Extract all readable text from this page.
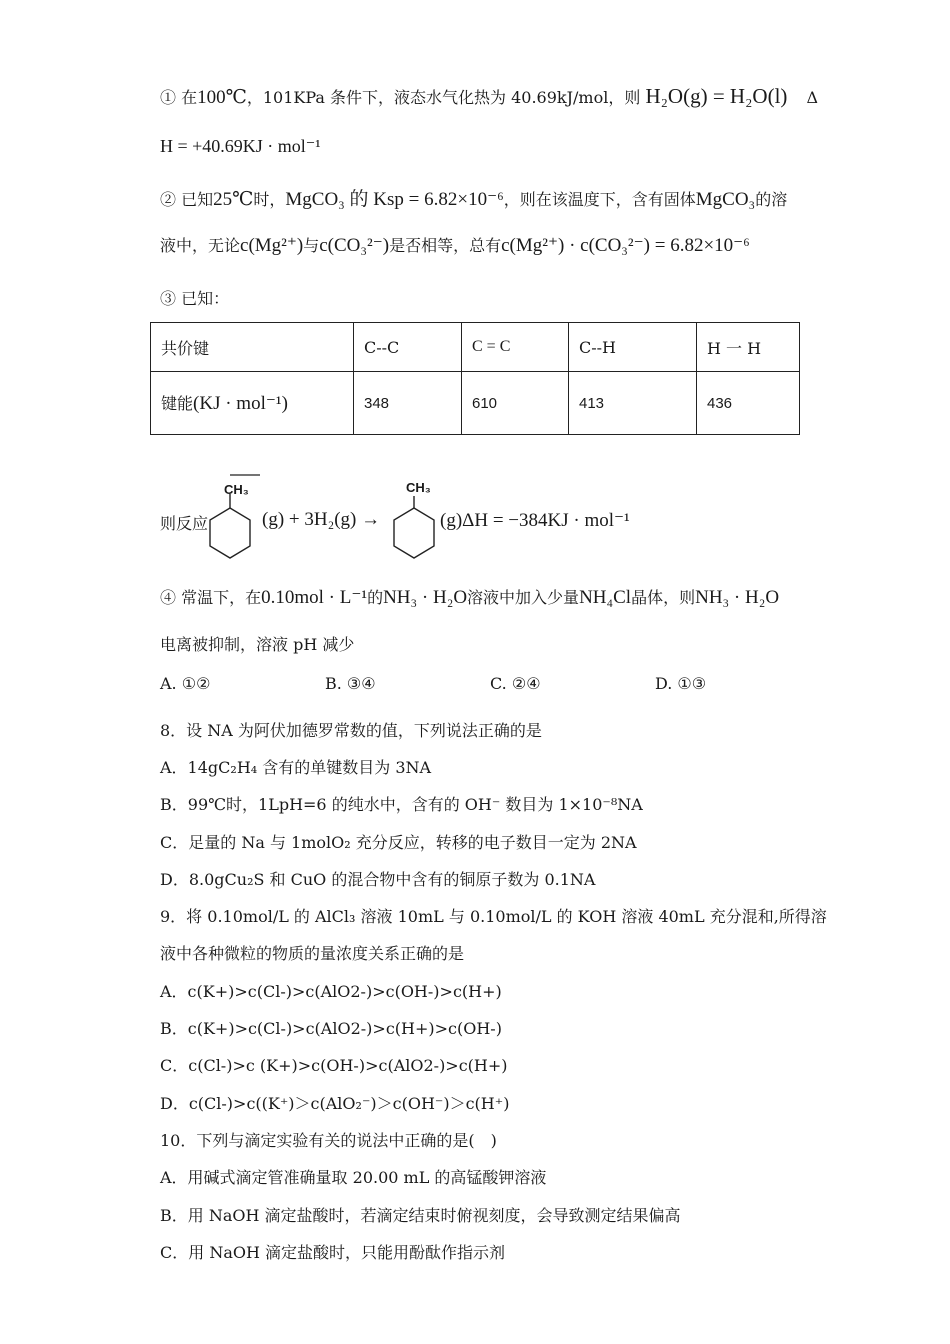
① 在100℃，101KPa 条件下，液态水气化热为 40.69kJ/mol，则 H₂O(g) = H₂O(l) Δ
H = +40.69KJ · mol⁻¹
② 已知25℃时，MgCO₃ 的 Ksp = 6.82×10⁻⁶，则在该温度下，含有固体MgCO₃的溶
液中，无论c(Mg²⁺)与c(CO₃²⁻)是否相等，总有c(Mg²⁺) · c(CO₃²⁻) = 6.82×10⁻⁶
③ 已知：
共价键	C--C	C = C	C--H	H 一 H
键能(KJ · mol⁻¹)	348	610	413	436
则反应
CH₃
(g) + 3H₂(g) →
CH₃
(g)ΔH = −384KJ · mol⁻¹
④ 常温下，在0.10mol · L⁻¹的NH₃ · H₂O溶液中加入少量NH₄Cl晶体，则NH₃ · H₂O
电离被抑制，溶液 pH 减少
A. ①②	B. ③④	C. ②④	D. ①③
8．设 NA 为阿伏加德罗常数的值，下列说法正确的是
A．14gC₂H₄ 含有的单键数目为 3NA
B．99℃时，1LpH=6 的纯水中，含有的 OH⁻ 数目为 1×10⁻⁸NA
C．足量的 Na 与 1molO₂ 充分反应，转移的电子数目一定为 2NA
D．8.0gCu₂S 和 CuO 的混合物中含有的铜原子数为 0.1NA
9．将 0.10mol/L 的 AlCl₃ 溶液 10mL 与 0.10mol/L 的 KOH 溶液 40mL 充分混和,所得溶
液中各种微粒的物质的量浓度关系正确的是
A．c(K+)>c(Cl-)>c(AlO2-)>c(OH-)>c(H+)
B．c(K+)>c(Cl-)>c(AlO2-)>c(H+)>c(OH-)
C．c(Cl-)>c (K+)>c(OH-)>c(AlO2-)>c(H+)
D．c(Cl-)>c((K⁺)＞c(AlO₂⁻)＞c(OH⁻)＞c(H⁺)
10．下列与滴定实验有关的说法中正确的是(　)
A．用碱式滴定管准确量取 20.00 mL 的高锰酸钾溶液
B．用 NaOH 滴定盐酸时，若滴定结束时俯视刻度，会导致测定结果偏高
C．用 NaOH 滴定盐酸时，只能用酚酞作指示剂
